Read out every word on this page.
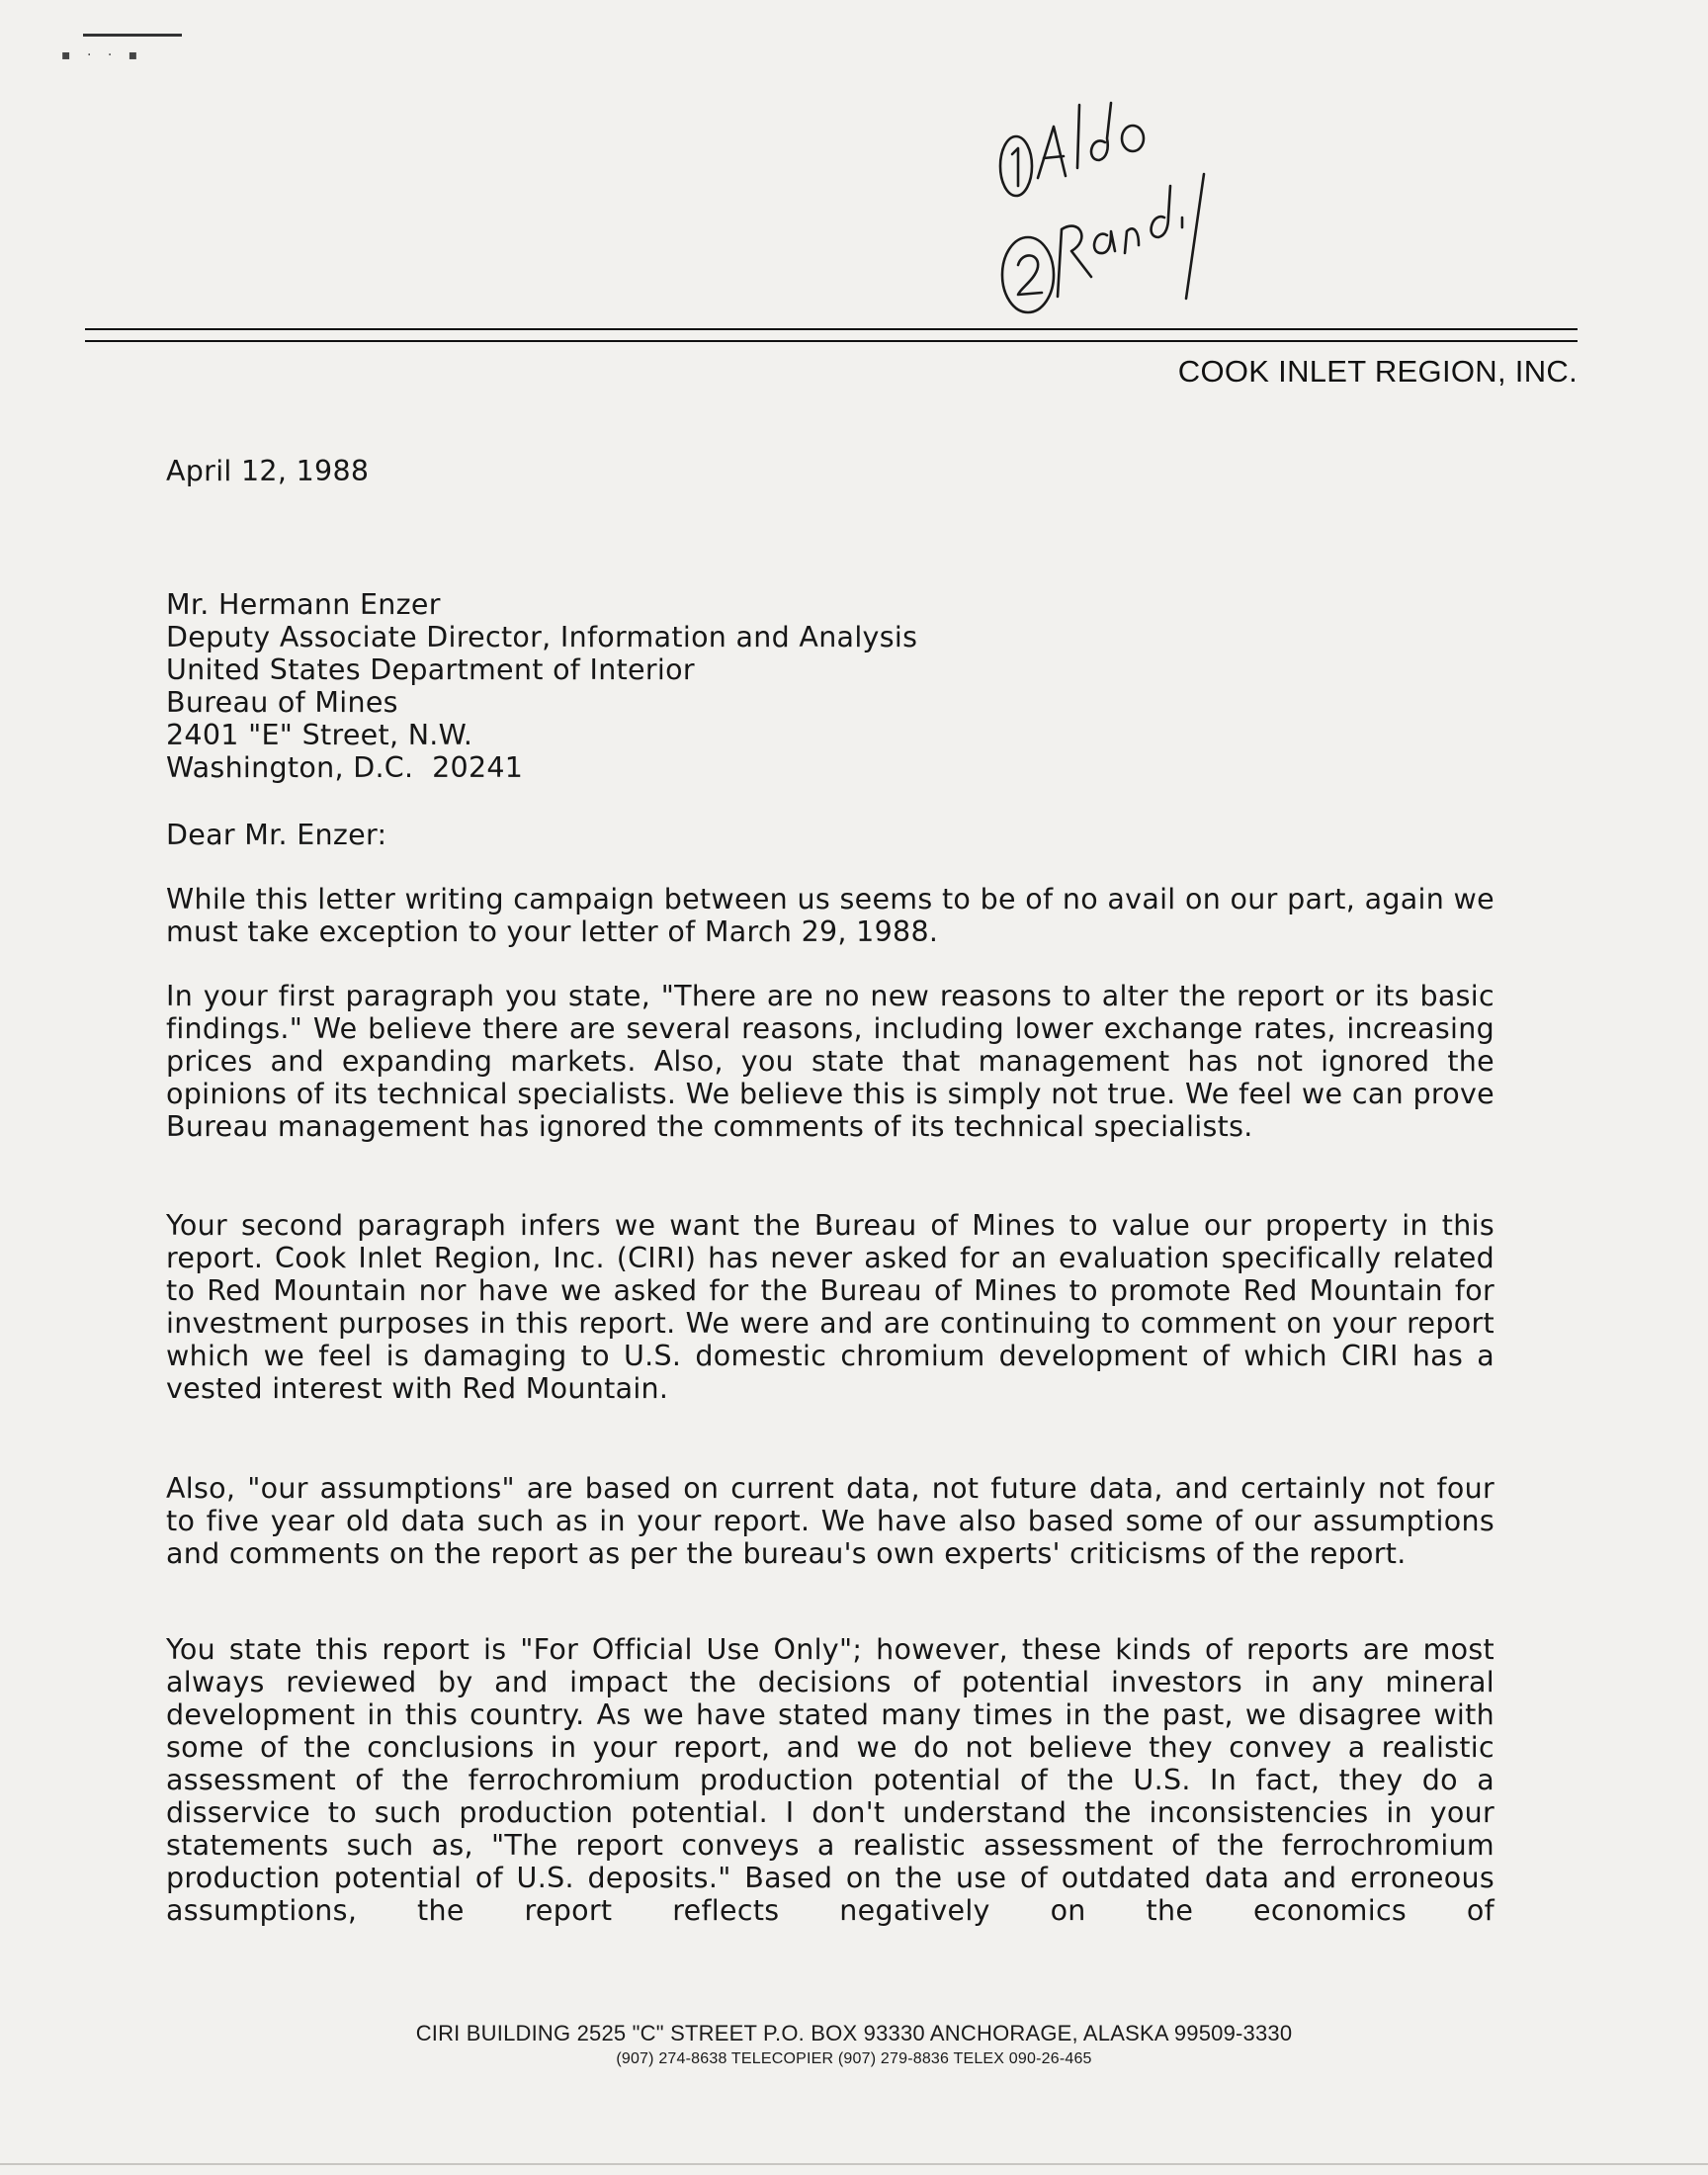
▪ · · ▪
COOK INLET REGION, INC.
April 12, 1988
Mr. Hermann Enzer
Deputy Associate Director, Information and Analysis
United States Department of Interior
Bureau of Mines
2401 "E" Street, N.W.
Washington, D.C.  20241
Dear Mr. Enzer:
While this letter writing campaign between us seems to be of no avail on our part, again we must take exception to your letter of March 29, 1988.
In your first paragraph you state, "There are no new reasons to alter the report or its basic findings." We believe there are several reasons, including lower exchange rates, increasing prices and expanding markets. Also, you state that management has not ignored the opinions of its technical specialists. We believe this is simply not true. We feel we can prove Bureau management has ignored the comments of its technical specialists.
Your second paragraph infers we want the Bureau of Mines to value our property in this report. Cook Inlet Region, Inc. (CIRI) has never asked for an evaluation specifically related to Red Mountain nor have we asked for the Bureau of Mines to promote Red Mountain for investment purposes in this report. We were and are continuing to comment on your report which we feel is damaging to U.S. domestic chromium development of which CIRI has a vested interest with Red Mountain.
Also, "our assumptions" are based on current data, not future data, and certainly not four to five year old data such as in your report. We have also based some of our assumptions and comments on the report as per the bureau's own experts' criticisms of the report.
You state this report is "For Official Use Only"; however, these kinds of reports are most always reviewed by and impact the decisions of potential investors in any mineral development in this country. As we have stated many times in the past, we disagree with some of the conclusions in your report, and we do not believe they convey a realistic assessment of the ferrochromium production potential of the U.S. In fact, they do a disservice to such production potential. I don't understand the inconsistencies in your statements such as, "The report conveys a realistic assessment of the ferrochromium production potential of U.S. deposits." Based on the use of outdated data and erroneous assumptions, the report reflects negatively on the economics of
CIRI BUILDING 2525 "C" STREET P.O. BOX 93330 ANCHORAGE, ALASKA 99509-3330
(907) 274-8638 TELECOPIER (907) 279-8836 TELEX 090-26-465
